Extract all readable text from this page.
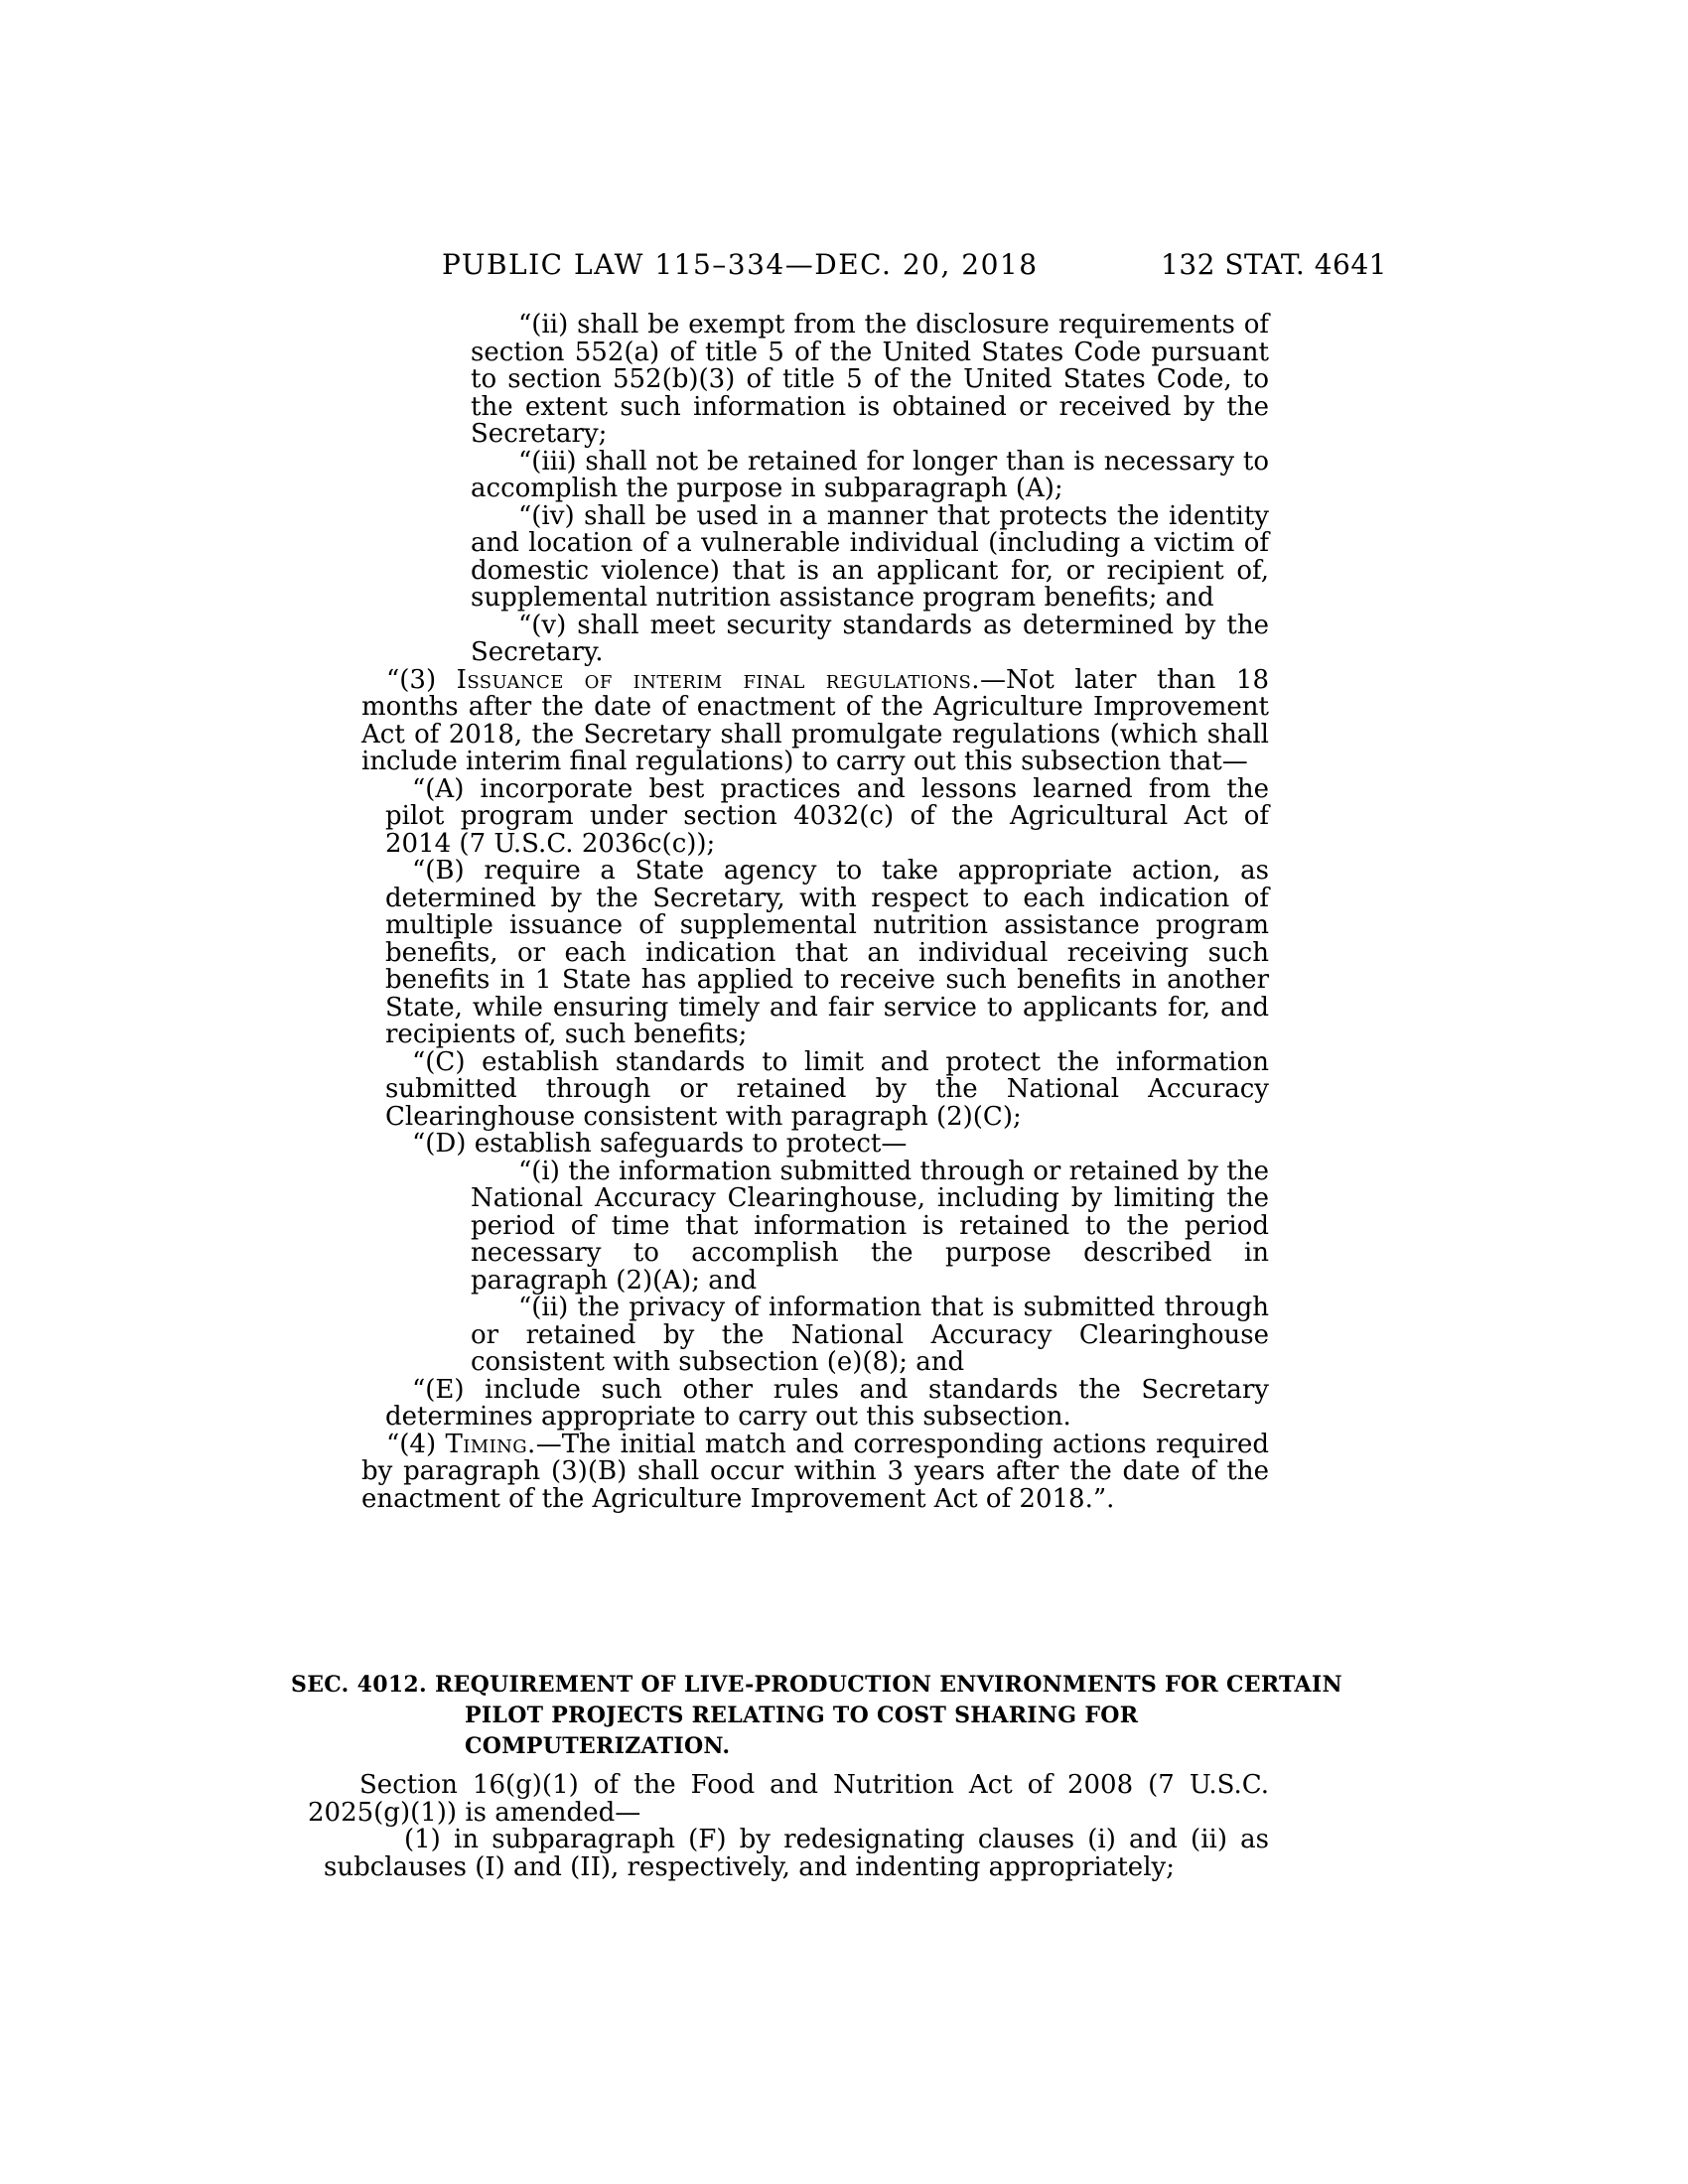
PUBLIC LAW 115–334—DEC. 20, 2018	132 STAT. 4641

“(ii) shall be exempt from the disclosure requirements of section 552(a) of title 5 of the United States Code pursuant to section 552(b)(3) of title 5 of the United States Code, to the extent such information is obtained or received by the Secretary;

“(iii) shall not be retained for longer than is necessary to accomplish the purpose in subparagraph (A);

“(iv) shall be used in a manner that protects the identity and location of a vulnerable individual (including a victim of domestic violence) that is an applicant for, or recipient of, supplemental nutrition assistance program benefits; and

“(v) shall meet security standards as determined by the Secretary.

“(3) Issuance of interim final regulations.—Not later than 18 months after the date of enactment of the Agriculture Improvement Act of 2018, the Secretary shall promulgate regulations (which shall include interim final regulations) to carry out this subsection that—

“(A) incorporate best practices and lessons learned from the pilot program under section 4032(c) of the Agricultural Act of 2014 (7 U.S.C. 2036c(c));

“(B) require a State agency to take appropriate action, as determined by the Secretary, with respect to each indication of multiple issuance of supplemental nutrition assistance program benefits, or each indication that an individual receiving such benefits in 1 State has applied to receive such benefits in another State, while ensuring timely and fair service to applicants for, and recipients of, such benefits;

“(C) establish standards to limit and protect the information submitted through or retained by the National Accuracy Clearinghouse consistent with paragraph (2)(C);

“(D) establish safeguards to protect—

“(i) the information submitted through or retained by the National Accuracy Clearinghouse, including by limiting the period of time that information is retained to the period necessary to accomplish the purpose described in paragraph (2)(A); and

“(ii) the privacy of information that is submitted through or retained by the National Accuracy Clearinghouse consistent with subsection (e)(8); and

“(E) include such other rules and standards the Secretary determines appropriate to carry out this subsection.

“(4) Timing.—The initial match and corresponding actions required by paragraph (3)(B) shall occur within 3 years after the date of the enactment of the Agriculture Improvement Act of 2018.”.

SEC. 4012. REQUIREMENT OF LIVE-PRODUCTION ENVIRONMENTS FOR CERTAIN PILOT PROJECTS RELATING TO COST SHARING FOR COMPUTERIZATION.

Section 16(g)(1) of the Food and Nutrition Act of 2008 (7 U.S.C. 2025(g)(1)) is amended—

(1) in subparagraph (F) by redesignating clauses (i) and (ii) as subclauses (I) and (II), respectively, and indenting appropriately;
